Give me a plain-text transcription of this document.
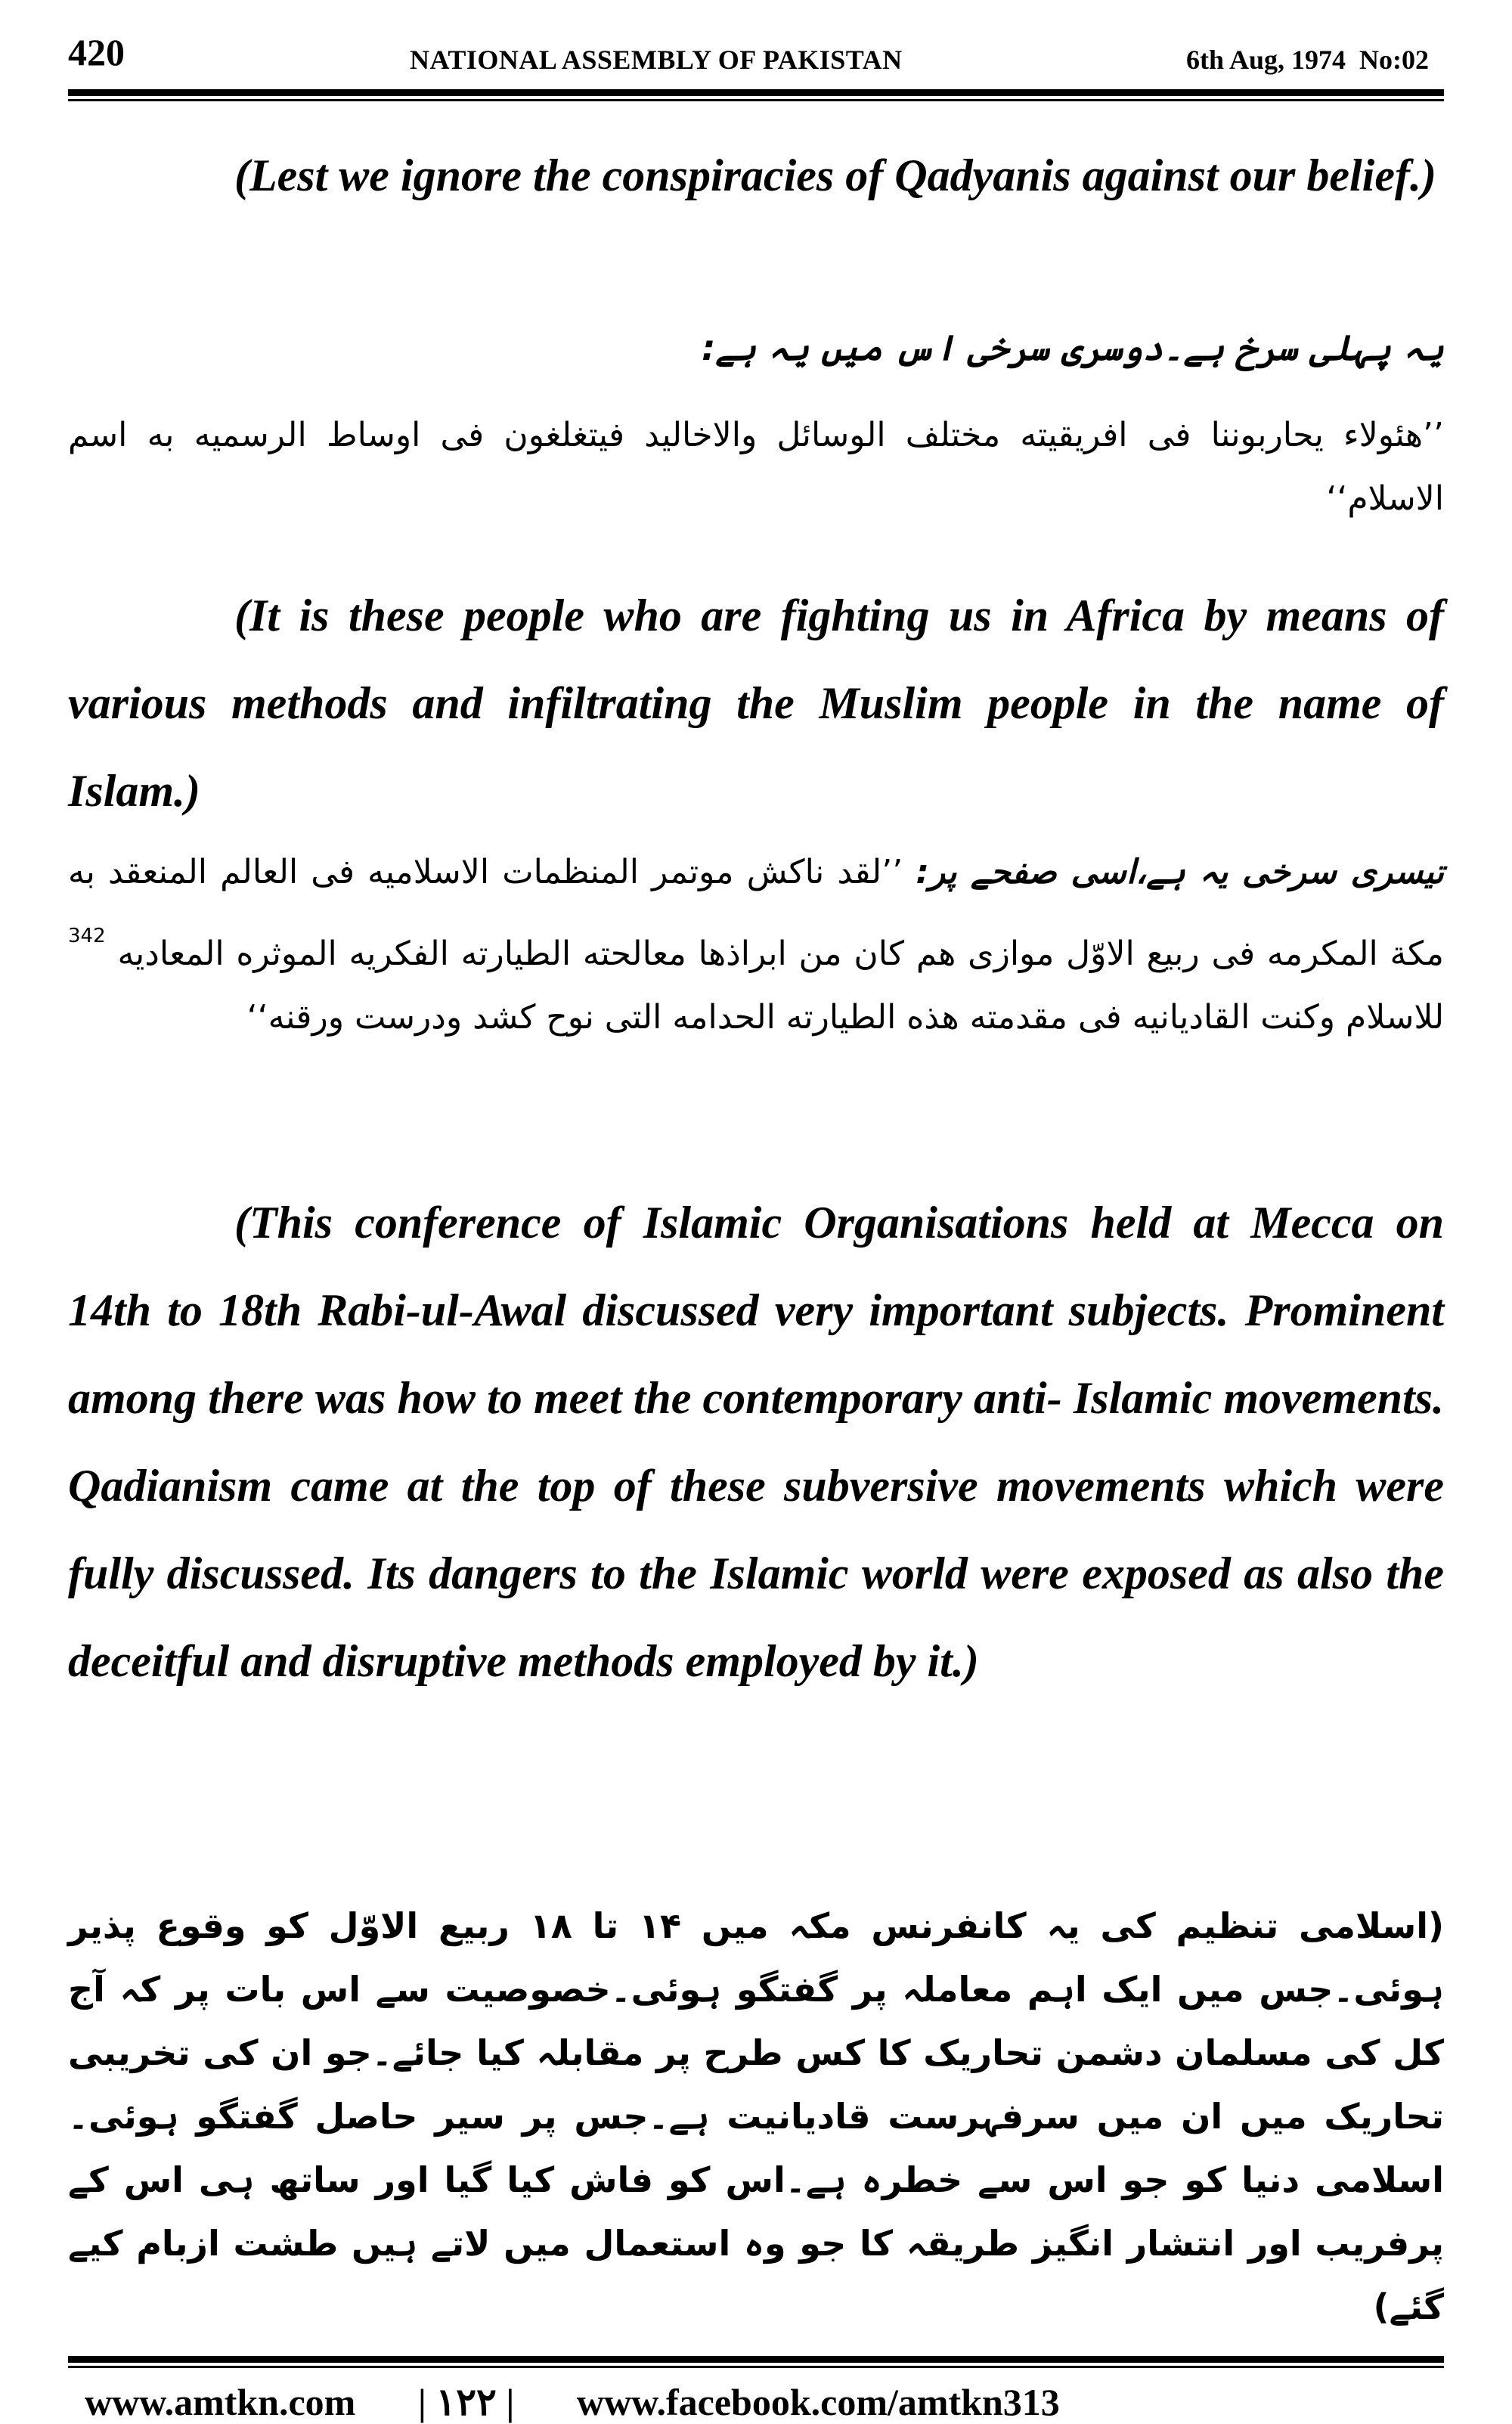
420	NATIONAL ASSEMBLY OF PAKISTAN	6th Aug, 1974 No:02
(Lest we ignore the conspiracies of Qadyanis against our belief.)
یہ پہلی سرخ ہے۔دوسری سرخی اس میں یہ ہے:
’’ھئولاء یحاربوننا فی افریقیته مختلف الوسائل والاخالید فیتغلغون فی اوساط الرسمیه به اسم الاسلام‘‘
(It is these people who are fighting us in Africa by means of various methods and infiltrating the Muslim people in the name of Islam.)
تیسری سرخی یہ ہے،اسی صفحے پر: ’’لقد ناکش موتمر المنظمات الاسلامیه فی العالم المنعقد به مکة المکرمه فی ربیع الاوّل موازی ھم کان من ابراذھا معالحته الطیارته الفکریه الموثره المعادیه $^{342}$ للاسلام وکنت القادیانیه فی مقدمته ھذه الطیارته الحدامه التی نوح کشد ودرست ورقنه‘‘
(This conference of Islamic Organisations held at Mecca on 14th to 18th Rabi-ul-Awal discussed very important subjects. Prominent among there was how to meet the contemporary anti- Islamic movements. Qadianism came at the top of these subversive movements which were fully discussed. Its dangers to the Islamic world were exposed as also the deceitful and disruptive methods employed by it.)
(اسلامی تنظیم کی یہ کانفرنس مکہ میں ۱۴ تا ۱۸ ربیع الاوّل کو وقوع پذیر ہوئی۔جس میں ایک اہم معاملہ پر گفتگو ہوئی۔خصوصیت سے اس بات پر کہ آج کل کی مسلمان دشمن تحاریک کا کس طرح پر مقابلہ کیا جائے۔جو ان کی تخریبی تحاریک میں ان میں سرفہرست قادیانیت ہے۔جس پر سیر حاصل گفتگو ہوئی۔اسلامی دنیا کو جو اس سے خطرہ ہے۔اس کو فاش کیا گیا اور ساتھ ہی اس کے پرفریب اور انتشار انگیز طریقہ کا جو وہ استعمال میں لاتے ہیں طشت ازبام کیے گئے)
www.amtkn.com | ۱۲۲ | www.facebook.com/amtkn313
